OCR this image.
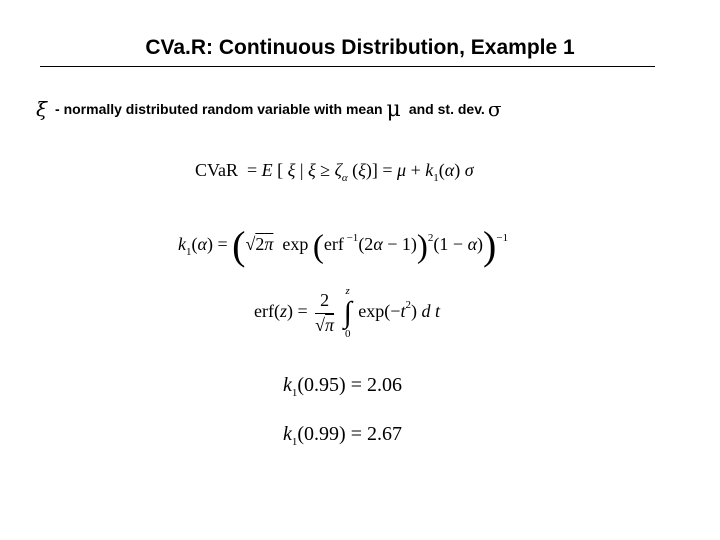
CVa.R: Continuous Distribution, Example 1
ξ - normally distributed random variable with mean μ and st. dev. σ
CVaR  = E [ ξ | $\xi \ge \zeta_\alpha$ $(\xi)] = \mu + k_1(\alpha)$ σ
$k_1(\alpha) = (√2\pi$  exp (erf $^{-1}$(2α − 1))$^2$(1 − α))$^{-1}$
$erf(z) = \frac{2}{√\pi}$
z
∫
0
$\exp(-t^2)$ d t
$k_1(0.95) = 2.06$
$k_1(0.99) = 2.67$
